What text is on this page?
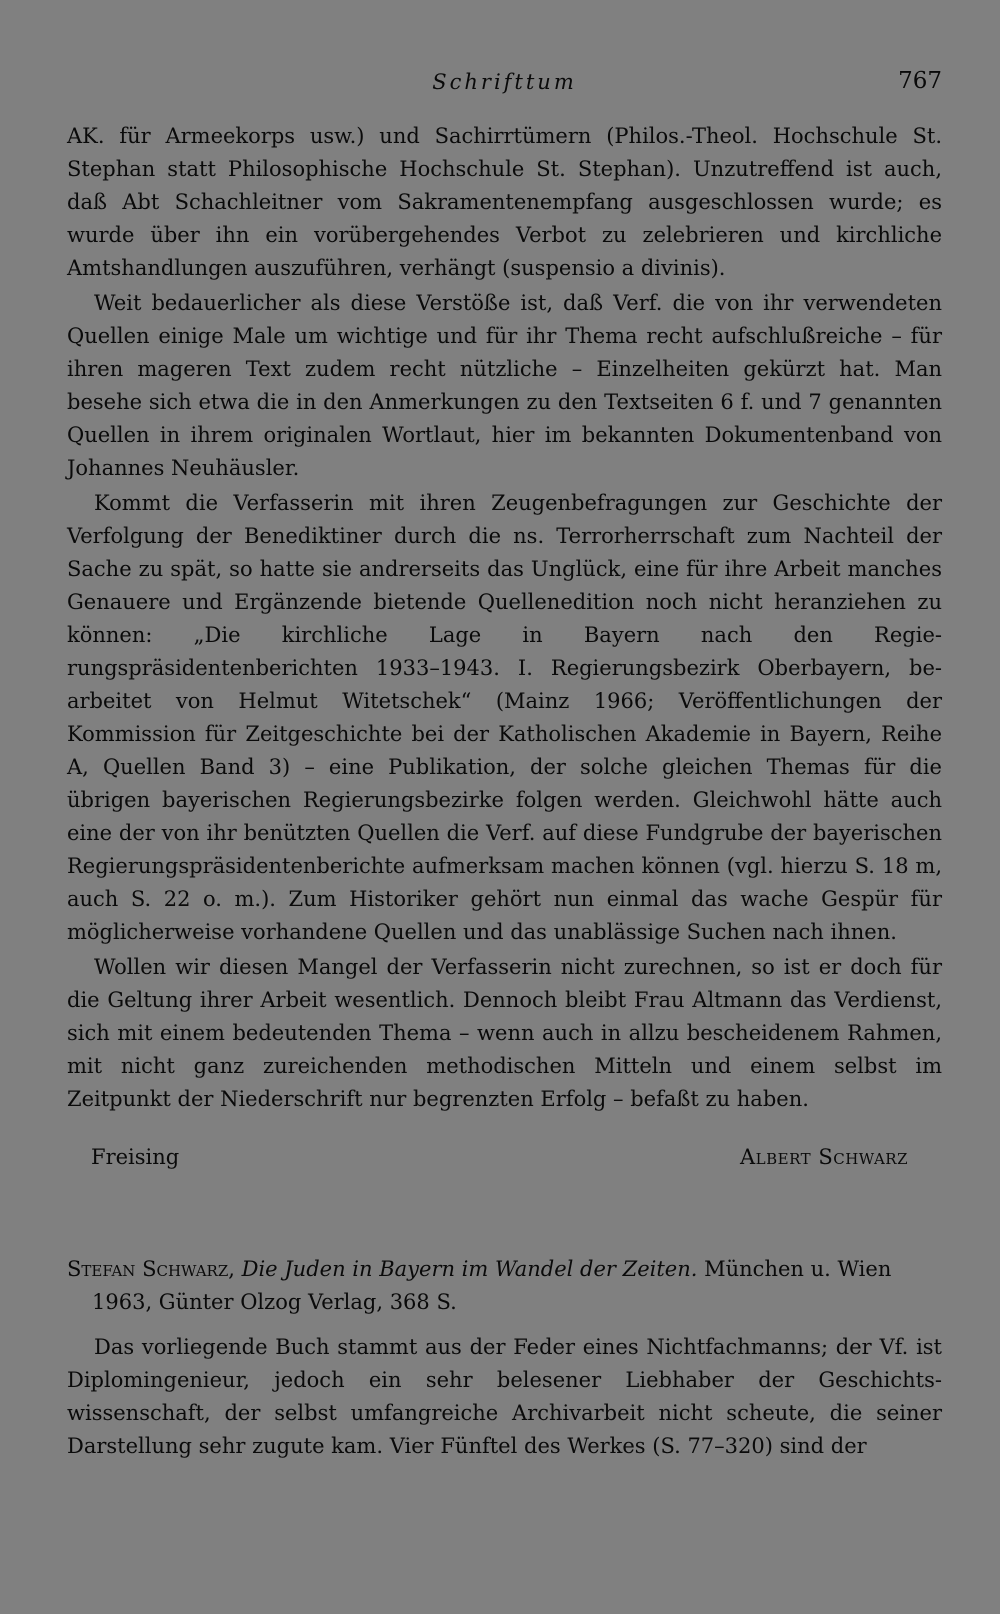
Schrifttum	767

AK. für Armeekorps usw.) und Sachirrtümern (Philos.-Theol. Hochschule St. Stephan statt Philosophische Hochschule St. Stephan). Unzutreffend ist auch, daß Abt Schachleitner vom Sakramentenempfang ausgeschlossen wurde; es wurde über ihn ein vorübergehendes Verbot zu zelebrieren und kirchliche Amtshandlungen auszuführen, verhängt (suspensio a divinis).

Weit bedauerlicher als diese Verstöße ist, daß Verf. die von ihr verwendeten Quellen einige Male um wichtige und für ihr Thema recht aufschlußreiche – für ihren mageren Text zudem recht nützliche – Einzelheiten gekürzt hat. Man besehe sich etwa die in den Anmerkungen zu den Textseiten 6 f. und 7 genannten Quellen in ihrem originalen Wortlaut, hier im bekannten Dokumentenband von Johannes Neuhäusler.

Kommt die Verfasserin mit ihren Zeugenbefragungen zur Geschichte der Verfolgung der Benediktiner durch die ns. Terrorherrschaft zum Nachteil der Sache zu spät, so hatte sie andrerseits das Unglück, eine für ihre Arbeit manches Genauere und Ergänzende bietende Quellenedition noch nicht heranziehen zu können: „Die kirchliche Lage in Bayern nach den Regierungspräsidentenberichten 1933–1943. I. Regierungsbezirk Oberbayern, bearbeitet von Helmut Witetschek“ (Mainz 1966; Veröffentlichungen der Kommission für Zeitgeschichte bei der Katholischen Akademie in Bayern, Reihe A, Quellen Band 3) – eine Publikation, der solche gleichen Themas für die übrigen bayerischen Regierungsbezirke folgen werden. Gleichwohl hätte auch eine der von ihr benützten Quellen die Verf. auf diese Fundgrube der bayerischen Regierungspräsidentenberichte aufmerksam machen können (vgl. hierzu S. 18 m, auch S. 22 o. m.). Zum Historiker gehört nun einmal das wache Gespür für möglicherweise vorhandene Quellen und das unablässige Suchen nach ihnen.

Wollen wir diesen Mangel der Verfasserin nicht zurechnen, so ist er doch für die Geltung ihrer Arbeit wesentlich. Dennoch bleibt Frau Altmann das Verdienst, sich mit einem bedeutenden Thema – wenn auch in allzu bescheidenem Rahmen, mit nicht ganz zureichenden methodischen Mitteln und einem selbst im Zeitpunkt der Niederschrift nur begrenzten Erfolg – befaßt zu haben.

Freising	Albert Schwarz
Stefan Schwarz, Die Juden in Bayern im Wandel der Zeiten. München u. Wien 1963, Günter Olzog Verlag, 368 S.

Das vorliegende Buch stammt aus der Feder eines Nichtfachmanns; der Vf. ist Diplomingenieur, jedoch ein sehr belesener Liebhaber der Geschichtswissenschaft, der selbst umfangreiche Archivarbeit nicht scheute, die seiner Darstellung sehr zugute kam. Vier Fünftel des Werkes (S. 77–320) sind der
